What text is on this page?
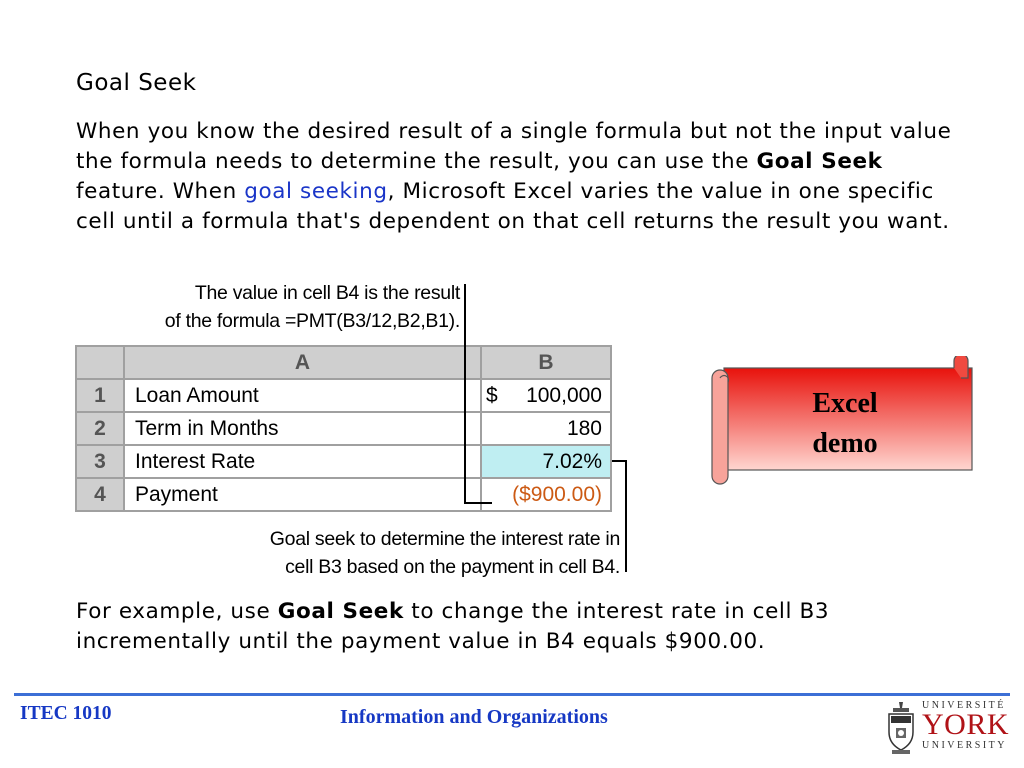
Goal Seek
When you know the desired result of a single formula but not the input value the formula needs to determine the result, you can use the Goal Seek feature. When goal seeking, Microsoft Excel varies the value in one specific cell until a formula that's dependent on that cell returns the result you want.
The value in cell B4 is the result
of the formula =PMT(B3/12,B2,B1).
	A	B
1	Loan Amount	$ 100,000

2	Term in Months	180
3	Interest Rate	7.02%
4	Payment	($900.00)
Goal seek to determine the interest rate in
cell B3 based on the payment in cell B4.
For example, use Goal Seek to change the interest rate in cell B3 incrementally until the payment value in B4 equals $900.00.
Excel
demo
ITEC 1010	Information and Organizations
UNIVERSITÉ
YORK
UNIVERSITY
